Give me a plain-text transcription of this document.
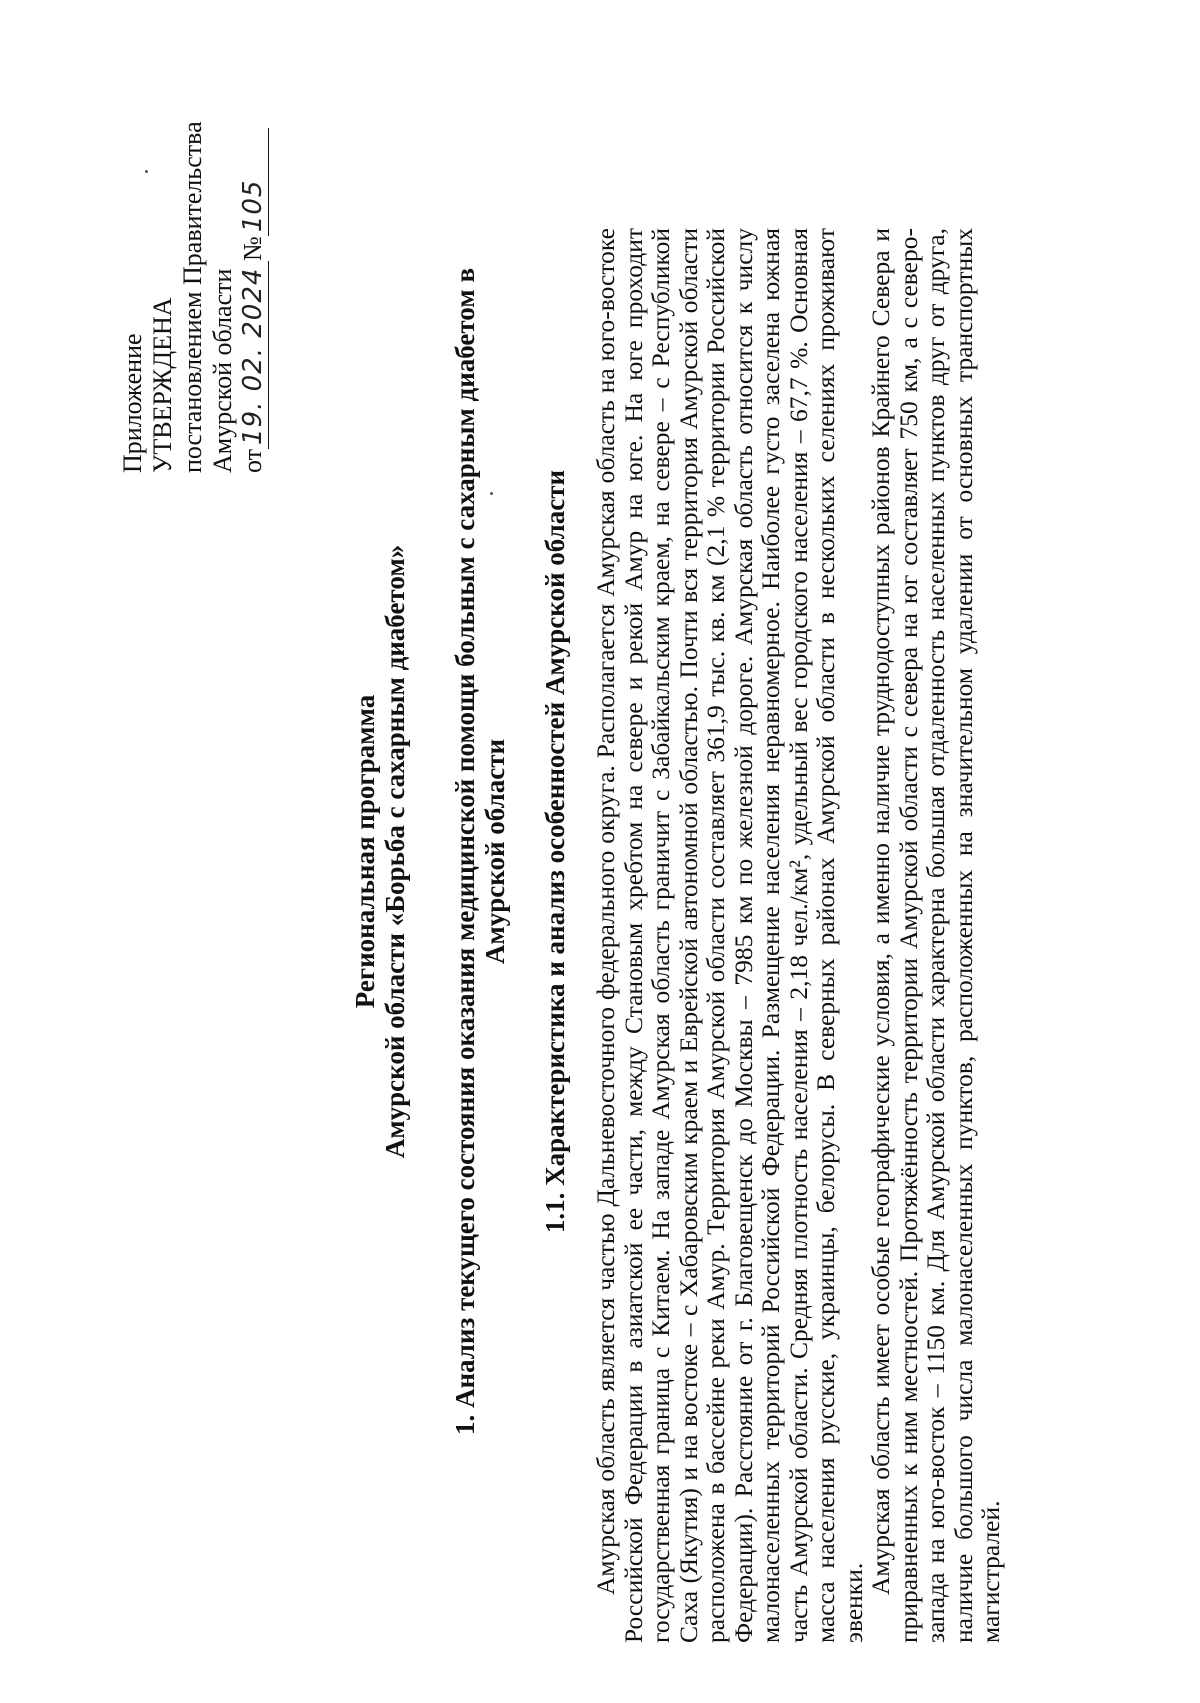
Приложение УТВЕРЖДЕНА постановлением Правительства Амурской области от19. 02. 2024№105
Региональная программа Амурской области «Борьба с сахарным диабетом» 1. Анализ текущего состояния оказания медицинской помощи больным с сахарным диабетом в Амурской области 1.1. Характеристика и анализ особенностей Амурской области Амурская область является частью Дальневосточного федерального округа. Располагается Амурская область на юго-востоке Российской Федерации в азиатской ее части, между Становым хребтом на севере и рекой Амур на юге. На юге проходит государственная граница с Китаем. На западе Амурская область граничит с Забайкальским краем, на севере – с Республикой Саха (Якутия) и на востоке – с Хабаровским краем и Еврейской автономной областью. Почти вся территория Амурской области расположена в бассейне реки Амур. Территория Амурской области составляет 361,9 тыс. кв. км (2,1 % территории Российской Федерации). Расстояние от г. Благовещенск до Москвы – 7985 км по железной дороге. Амурская область относится к числу малонаселенных территорий Российской Федерации. Размещение населения неравномерное. Наиболее густо заселена южная часть Амурской области. Средняя плотность населения – 2,18 чел./км², удельный вес городского населения – 67,7 %. Основная масса населения русские, украинцы, белорусы. В северных районах Амурской области в нескольких селениях проживают эвенки.

Амурская область имеет особые географические условия, а именно наличие труднодоступных районов Крайнего Севера и приравненных к ним местностей. Протяжённость территории Амурской области с севера на юг составляет 750 км, а с северо-запада на юго-восток – 1150 км. Для Амурской области характерна большая отдаленность населенных пунктов друг от друга, наличие большого числа малонаселенных пунктов, расположенных на значительном удалении от основных транспортных магистралей.
